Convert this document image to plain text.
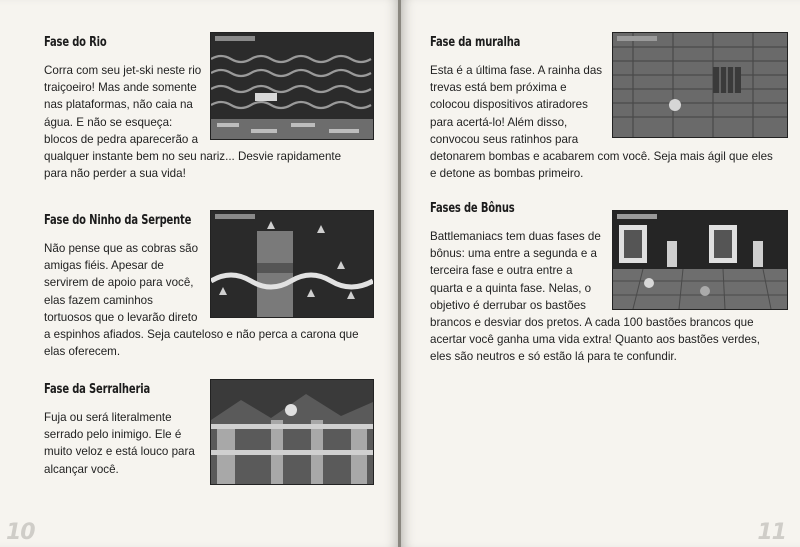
Fase do Rio

Corra com seu jet-ski neste rio traiçoeiro! Mas ande somente nas plataformas, não caia na água. E não se esqueça: blocos de pedra aparecerão a qualquer instante bem no seu nariz... Desvie rapidamente para não perder a sua vida!

Fase do Ninho da Serpente

Não pense que as cobras são amigas fiéis. Apesar de servirem de apoio para você, elas fazem caminhos tortuosos que o levarão direto a espinhos afiados. Seja cauteloso e não perca a carona que elas oferecem.

Fase da Serralheria

Fuja ou será literalmente serrado pelo inimigo. Ele é muito veloz e está louco para alcançar você.

10
Fase da muralha

Esta é a última fase. A rainha das trevas está bem próxima e colocou dispositivos atiradores para acertá-lo! Além disso, convocou seus ratinhos para detonarem bombas e acabarem com você. Seja mais ágil que eles e detone as bombas primeiro.

Fases de Bônus

Battlemaniacs tem duas fases de bônus: uma entre a segunda e a terceira fase e outra entre a quarta e a quinta fase. Nelas, o objetivo é derrubar os bastões brancos e desviar dos pretos. A cada 100 bastões brancos que acertar você ganha uma vida extra! Quanto aos bastões verdes, eles são neutros e só estão lá para te confundir.

11
